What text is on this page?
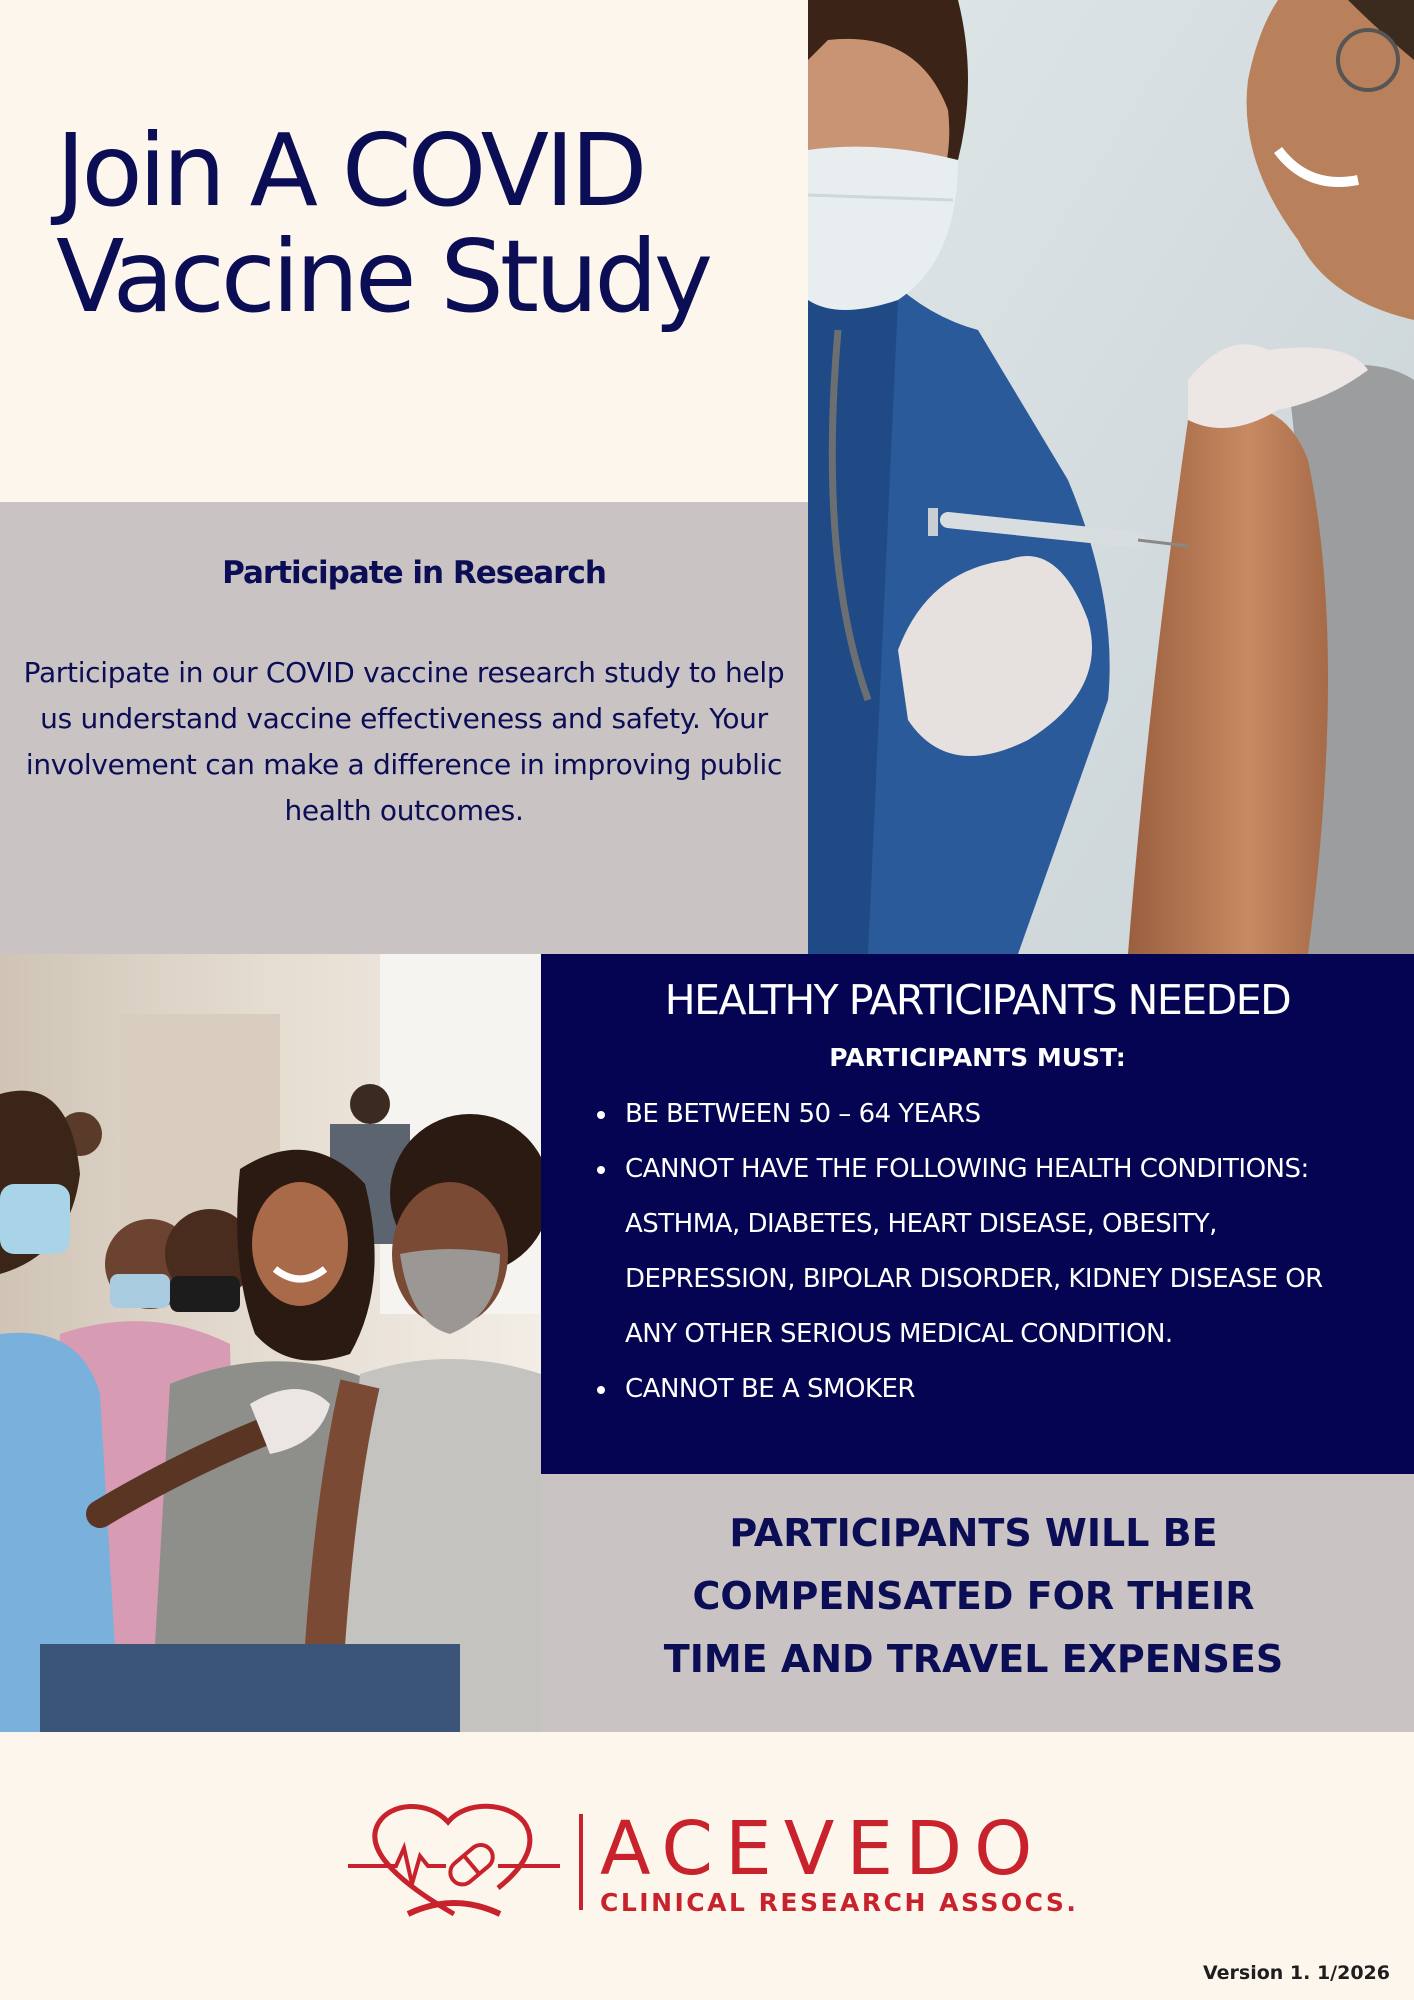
Join A COVID
Vaccine Study
Participate in Research
Participate in our COVID vaccine research study to help us understand vaccine effectiveness and safety. Your involvement can make a difference in improving public health outcomes.
HEALTHY PARTICIPANTS NEEDED
PARTICIPANTS MUST:
• BE BETWEEN 50 – 64 YEARS
• CANNOT HAVE THE FOLLOWING HEALTH CONDITIONS: ASTHMA, DIABETES, HEART DISEASE, OBESITY, DEPRESSION, BIPOLAR DISORDER, KIDNEY DISEASE OR ANY OTHER SERIOUS MEDICAL CONDITION.
• CANNOT BE A SMOKER
PARTICIPANTS WILL BE
COMPENSATED FOR THEIR
TIME AND TRAVEL EXPENSES
ACEVEDO
CLINICAL RESEARCH ASSOCS.
Version 1. 1/2026
